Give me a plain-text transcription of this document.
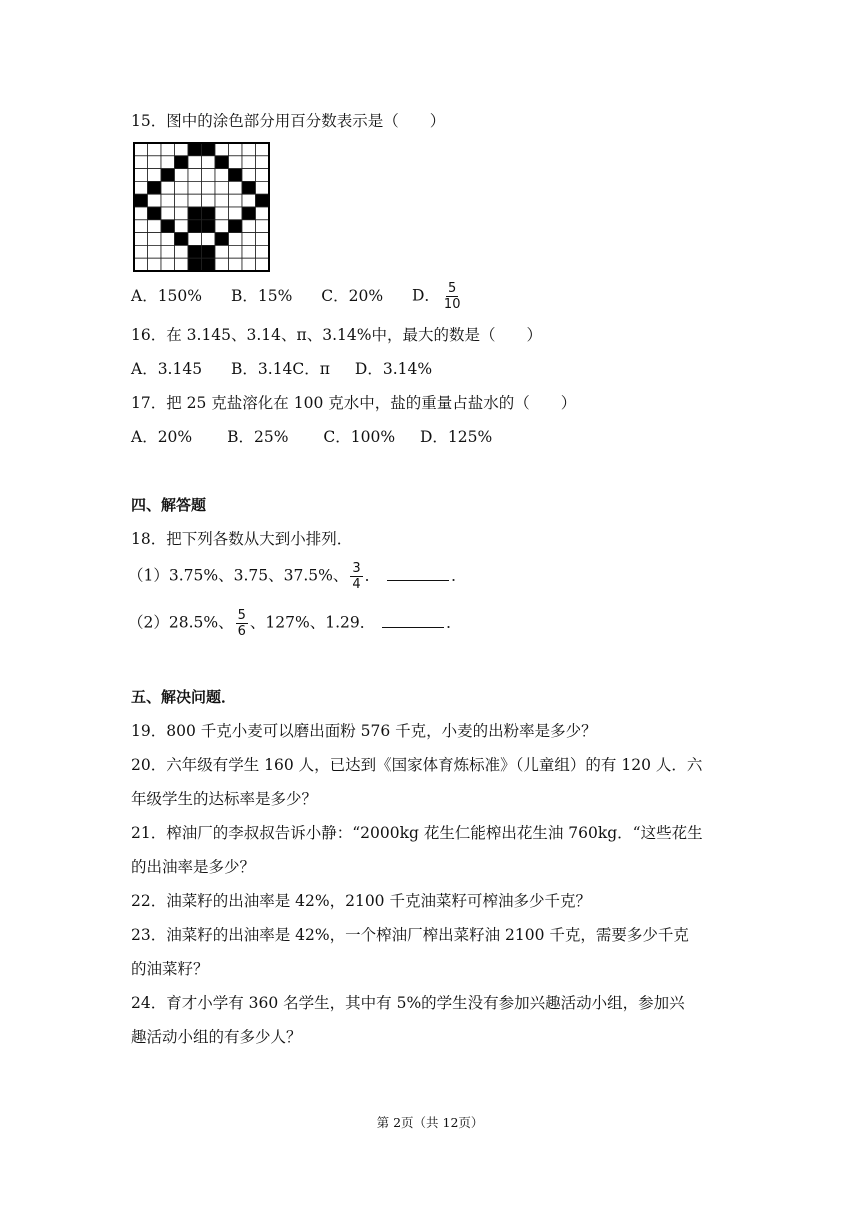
15．图中的涂色部分用百分数表示是（　　）
A．150% B．15% C．20% D． $\frac{5}{10}$
16．在 3.145、3.14、π、3.14%中，最大的数是（　　）
A．3.145 B．3.14C．π D．3.14%
17．把 25 克盐溶化在 100 克水中，盐的重量占盐水的（　　）
A．20% B．25% C．100% D．125%
四、解答题
18．把下列各数从大到小排列．
（1）3.75%、3.75、37.5%、 $\frac{3}{4}$ ．	．
（2）28.5%、 $\frac{5}{6}$ 、127%、1.29．	．
五、解决问题．
19．800 千克小麦可以磨出面粉 576 千克，小麦的出粉率是多少？
20．六年级有学生 160 人，已达到《国家体育炼标准》（儿童组）的有 120 人．六
年级学生的达标率是多少？
21．榨油厂的李叔叔告诉小静：“2000kg 花生仁能榨出花生油 760kg．“这些花生
的出油率是多少？
22．油菜籽的出油率是 42%，2100 千克油菜籽可榨油多少千克？
23．油菜籽的出油率是 42%，一个榨油厂榨出菜籽油 2100 千克，需要多少千克
的油菜籽？
24．育才小学有 360 名学生，其中有 5%的学生没有参加兴趣活动小组，参加兴
趣活动小组的有多少人？
第 2页（共 12页）
